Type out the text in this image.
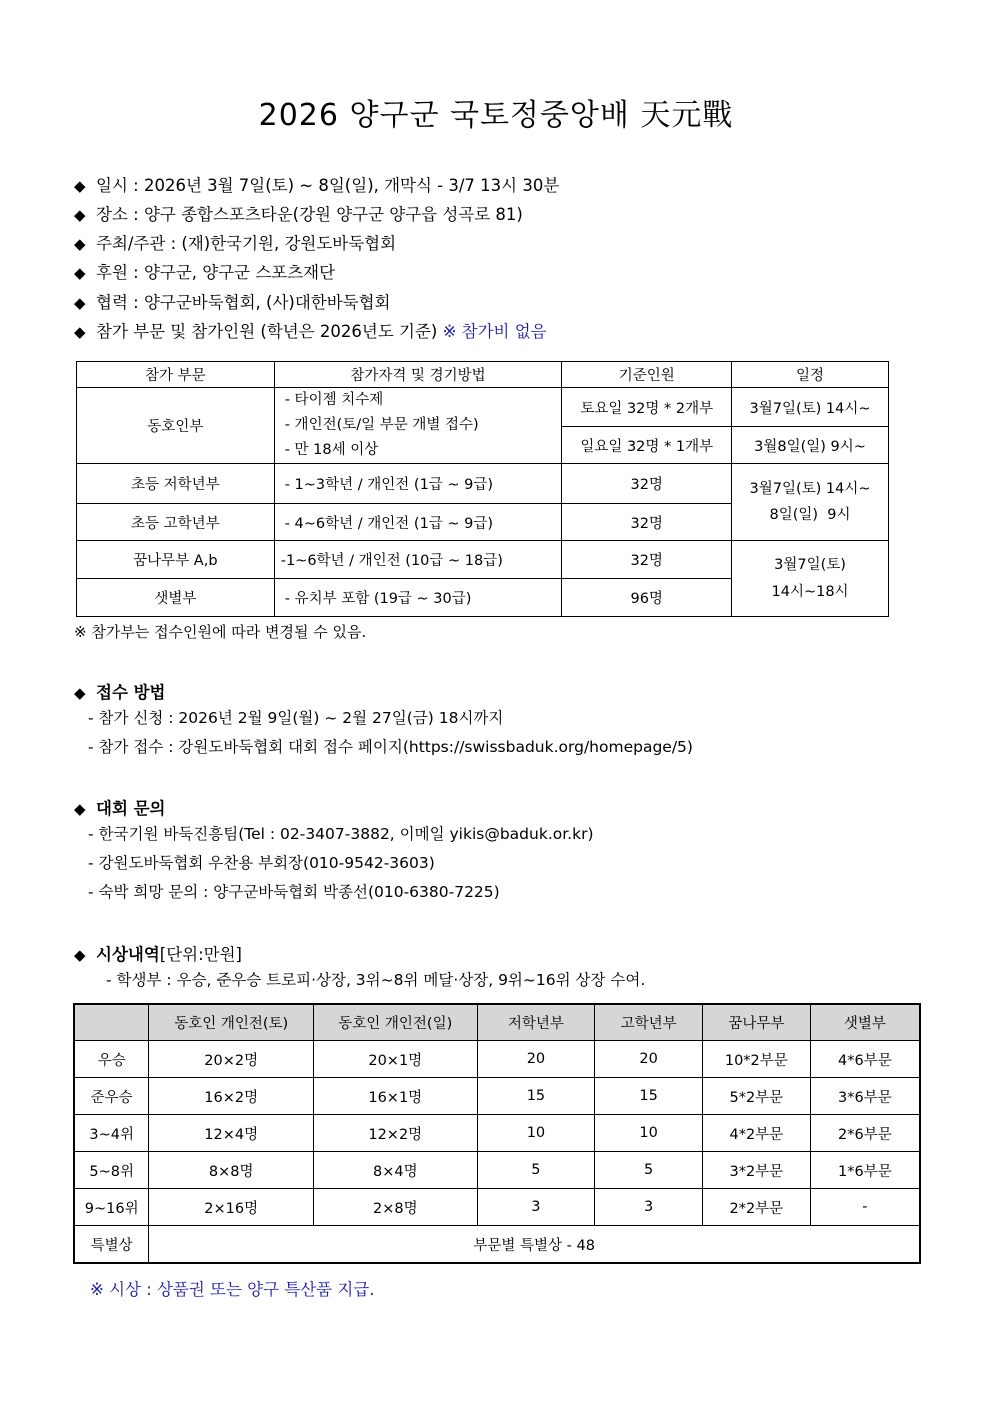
2026 양구군 국토정중앙배 天元戰
◆ 일시 : 2026년 3월 7일(토) ~ 8일(일), 개막식 - 3/7 13시 30분
◆ 장소 : 양구 종합스포츠타운(강원 양구군 양구읍 성곡로 81)
◆ 주최/주관 : (재)한국기원, 강원도바둑협회
◆ 후원 : 양구군, 양구군 스포츠재단
◆ 협력 : 양구군바둑협회, (사)대한바둑협회
◆ 참가 부문 및 참가인원 (학년은 2026년도 기준) ※ 참가비 없음
참가 부문	참가자격 및 경기방법	기준인원	일정
동호인부	- 타이젬 치수제
- 개인전(토/일 부문 개별 접수)
- 만 18세 이상	토요일 32명 * 2개부	3월7일(토) 14시~
		일요일 32명 * 1개부	3월8일(일) 9시~
초등 저학년부	- 1~3학년 / 개인전 (1급 ~ 9급)	32명	3월7일(토) 14시~
8일(일)  9시

초등 고학년부	- 4~6학년 / 개인전 (1급 ~ 9급)	32명	
꿈나무부 A,b	-1~6학년 / 개인전 (10급 ~ 18급)	32명	3월7일(토)
14시~18시

샛별부	- 유치부 포함 (19급 ~ 30급)	96명	
※ 참가부는 접수인원에 따라 변경될 수 있음.
◆ 접수 방법
- 참가 신청 : 2026년 2월 9일(월) ~ 2월 27일(금) 18시까지
- 참가 접수 : 강원도바둑협회 대회 접수 페이지(https://swissbaduk.org/homepage/5)
◆ 대회 문의
- 한국기원 바둑진흥팀(Tel : 02-3407-3882, 이메일 yikis@baduk.or.kr)
- 강원도바둑협회 우찬용 부회장(010-9542-3603)
- 숙박 희망 문의 : 양구군바둑협회 박종선(010-6380-7225)
◆ 시상내역[단위:만원]
- 학생부 : 우승, 준우승 트로피·상장, 3위~8위 메달·상장, 9위~16위 상장 수여.
	동호인 개인전(토)	동호인 개인전(일)	저학년부	고학년부	꿈나무부	샛별부
우승	20×2명	20×1명	20	20	10*2부문	4*6부문
준우승	16×2명	16×1명	15	15	5*2부문	3*6부문
3~4위	12×4명	12×2명	10	10	4*2부문	2*6부문
5~8위	8×8명	8×4명	5	5	3*2부문	1*6부문
9~16위	2×16명	2×8명	3	3	2*2부문	-
특별상	부문별 특별상 - 48					
※ 시상 : 상품권 또는 양구 특산품 지급.
